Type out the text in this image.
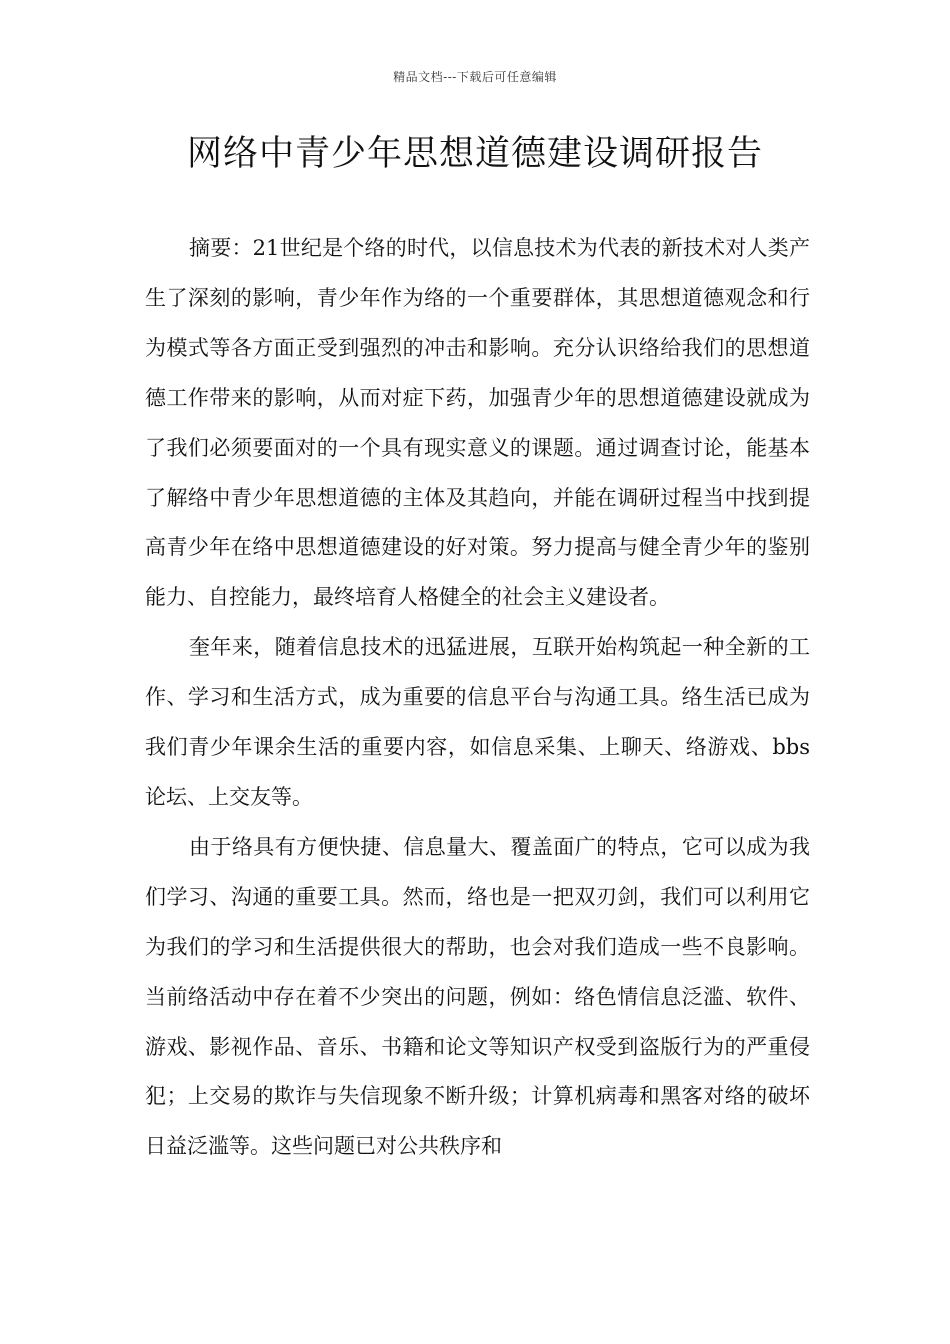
精品文档---下载后可任意编辑
网络中青少年思想道德建设调研报告

摘要：21世纪是个络的时代，以信息技术为代表的新技术对人类产生了深刻的影响，青少年作为络的一个重要群体，其思想道德观念和行为模式等各方面正受到强烈的冲击和影响。充分认识络给我们的思想道德工作带来的影响，从而对症下药，加强青少年的思想道德建设就成为了我们必须要面对的一个具有现实意义的课题。通过调查讨论，能基本了解络中青少年思想道德的主体及其趋向，并能在调研过程当中找到提高青少年在络中思想道德建设的好对策。努力提高与健全青少年的鉴别能力、自控能力，最终培育人格健全的社会主义建设者。

奎年来，随着信息技术的迅猛进展，互联开始构筑起一种全新的工作、学习和生活方式，成为重要的信息平台与沟通工具。络生活已成为我们青少年课余生活的重要内容，如信息采集、上聊天、络游戏、bbs论坛、上交友等。

由于络具有方便快捷、信息量大、覆盖面广的特点，它可以成为我们学习、沟通的重要工具。然而，络也是一把双刃剑，我们可以利用它为我们的学习和生活提供很大的帮助，也会对我们造成一些不良影响。当前络活动中存在着不少突出的问题，例如：络色情信息泛滥、软件、游戏、影视作品、音乐、书籍和论文等知识产权受到盗版行为的严重侵犯；上交易的欺诈与失信现象不断升级；计算机病毒和黑客对络的破坏日益泛滥等。这些问题已对公共秩序和
